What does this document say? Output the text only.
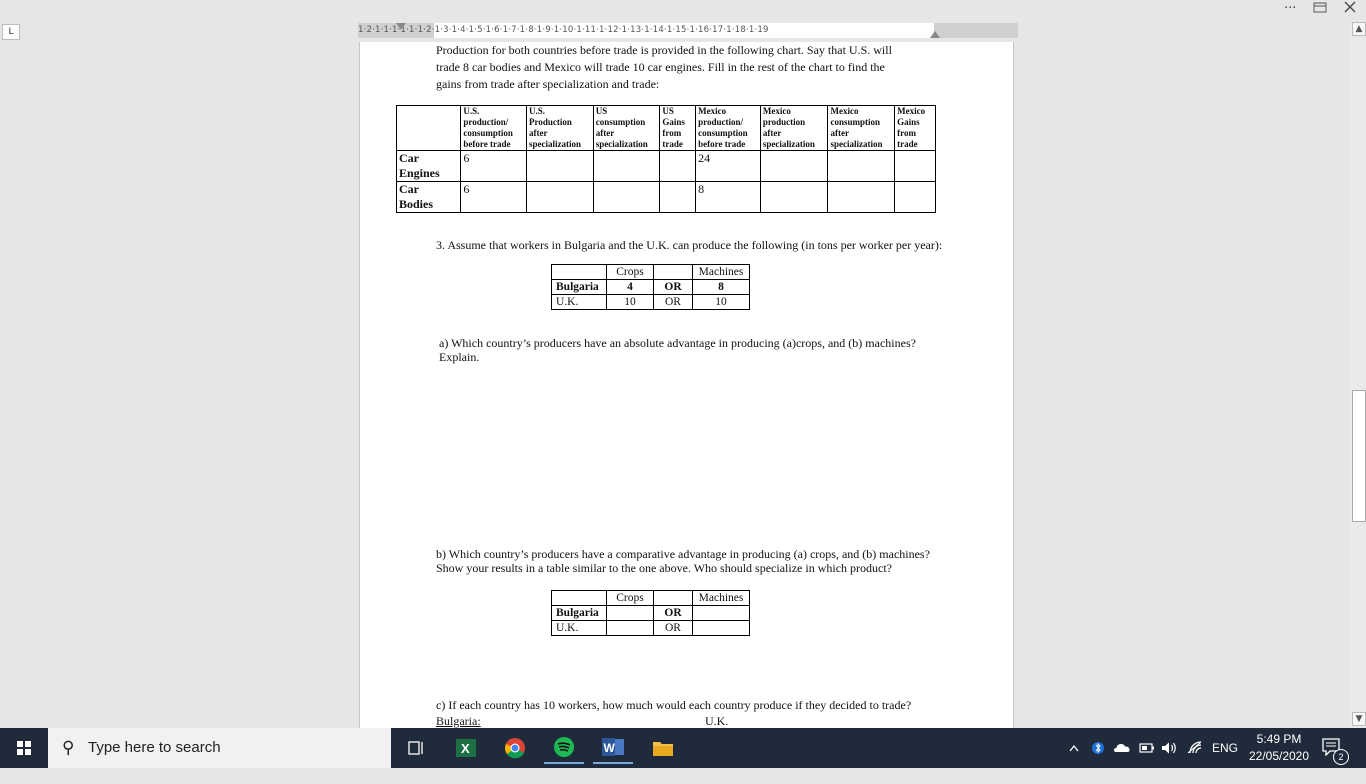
···
L	1·2·1·1·1·1·1·1·2·1·3·1·4·1·5·1·6·1·7·1·8·1·9·1·10·1·11·1·12·1·13·1·14·1·15·1·16·17·1·18·1·19
Production for both countries before trade is provided in the following chart. Say that U.S. will
trade 8 car bodies and Mexico will trade 10 car engines. Fill in the rest of the chart to find the
gains from trade after specialization and trade:
	U.S.
production/
consumption
before trade	U.S.
Production
after
specialization	US
consumption
after
specialization	US
Gains
from
trade	Mexico
production/
consumption
before trade	Mexico
production
after
specialization	Mexico
consumption
after
specialization	Mexico
Gains
from
trade
Car
Engines	6				24			
Car
Bodies	6				8			
3. Assume that workers in Bulgaria and the U.K. can produce the following (in tons per worker per year):
	Crops		Machines
Bulgaria	4	OR	8
U.K.	10	OR	10
a) Which country’s producers have an absolute advantage in producing (a)crops, and (b) machines?
Explain.
b) Which country’s producers have a comparative advantage in producing (a) crops, and (b) machines?
Show your results in a table similar to the one above. Who should specialize in which product?
	Crops		Machines
Bulgaria		OR	
U.K.		OR	
c) If each country has 10 workers, how much would each country produce if they decided to trade?
Bulgaria:	U.K.
▲
▼
⚲ Type here to search	X	W	ENG
5:49 PM
22/05/2020	2
